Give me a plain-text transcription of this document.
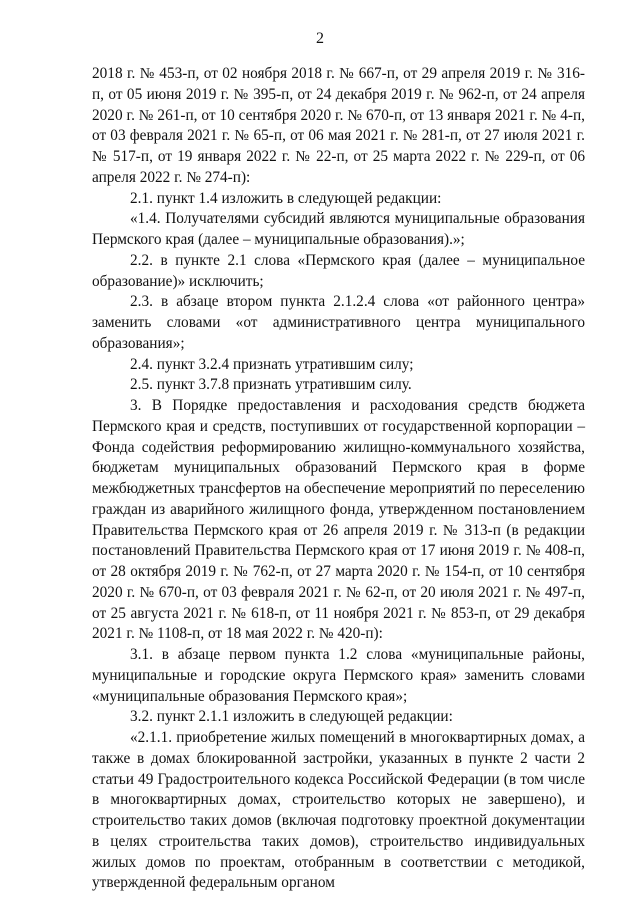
2

2018 г. № 453-п, от 02 ноября 2018 г. № 667-п, от 29 апреля 2019 г. № 316-п, от 05 июня 2019 г. № 395-п, от 24 декабря 2019 г. № 962-п, от 24 апреля 2020 г. № 261-п, от 10 сентября 2020 г. № 670-п, от 13 января 2021 г. № 4-п, от 03 февраля 2021 г. № 65-п, от 06 мая 2021 г. № 281-п, от 27 июля 2021 г. № 517-п, от 19 января 2022 г. № 22-п, от 25 марта 2022 г. № 229-п, от 06 апреля 2022 г. № 274-п):

2.1. пункт 1.4 изложить в следующей редакции:

«1.4. Получателями субсидий являются муниципальные образования Пермского края (далее – муниципальные образования).»;

2.2. в пункте 2.1 слова «Пермского края (далее – муниципальное образование)» исключить;

2.3. в абзаце втором пункта 2.1.2.4 слова «от районного центра» заменить словами «от административного центра муниципального образования»;

2.4. пункт 3.2.4 признать утратившим силу;

2.5. пункт 3.7.8 признать утратившим силу.

3. В Порядке предоставления и расходования средств бюджета Пермского края и средств, поступивших от государственной корпорации – Фонда содействия реформированию жилищно-коммунального хозяйства, бюджетам муниципальных образований Пермского края в форме межбюджетных трансфертов на обеспечение мероприятий по переселению граждан из аварийного жилищного фонда, утвержденном постановлением Правительства Пермского края от 26 апреля 2019 г. № 313-п (в редакции постановлений Правительства Пермского края от 17 июня 2019 г. № 408-п, от 28 октября 2019 г. № 762-п, от 27 марта 2020 г. № 154-п, от 10 сентября 2020 г. № 670-п, от 03 февраля 2021 г. № 62-п, от 20 июля 2021 г. № 497-п, от 25 августа 2021 г. № 618-п, от 11 ноября 2021 г. № 853-п, от 29 декабря 2021 г. № 1108-п, от 18 мая 2022 г. № 420-п):

3.1. в абзаце первом пункта 1.2 слова «муниципальные районы, муниципальные и городские округа Пермского края» заменить словами «муниципальные образования Пермского края»;

3.2. пункт 2.1.1 изложить в следующей редакции:

«2.1.1. приобретение жилых помещений в многоквартирных домах, а также в домах блокированной застройки, указанных в пункте 2 части 2 статьи 49 Градостроительного кодекса Российской Федерации (в том числе в многоквартирных домах, строительство которых не завершено), и строительство таких домов (включая подготовку проектной документации в целях строительства таких домов), строительство индивидуальных жилых домов по проектам, отобранным в соответствии с методикой, утвержденной федеральным органом
